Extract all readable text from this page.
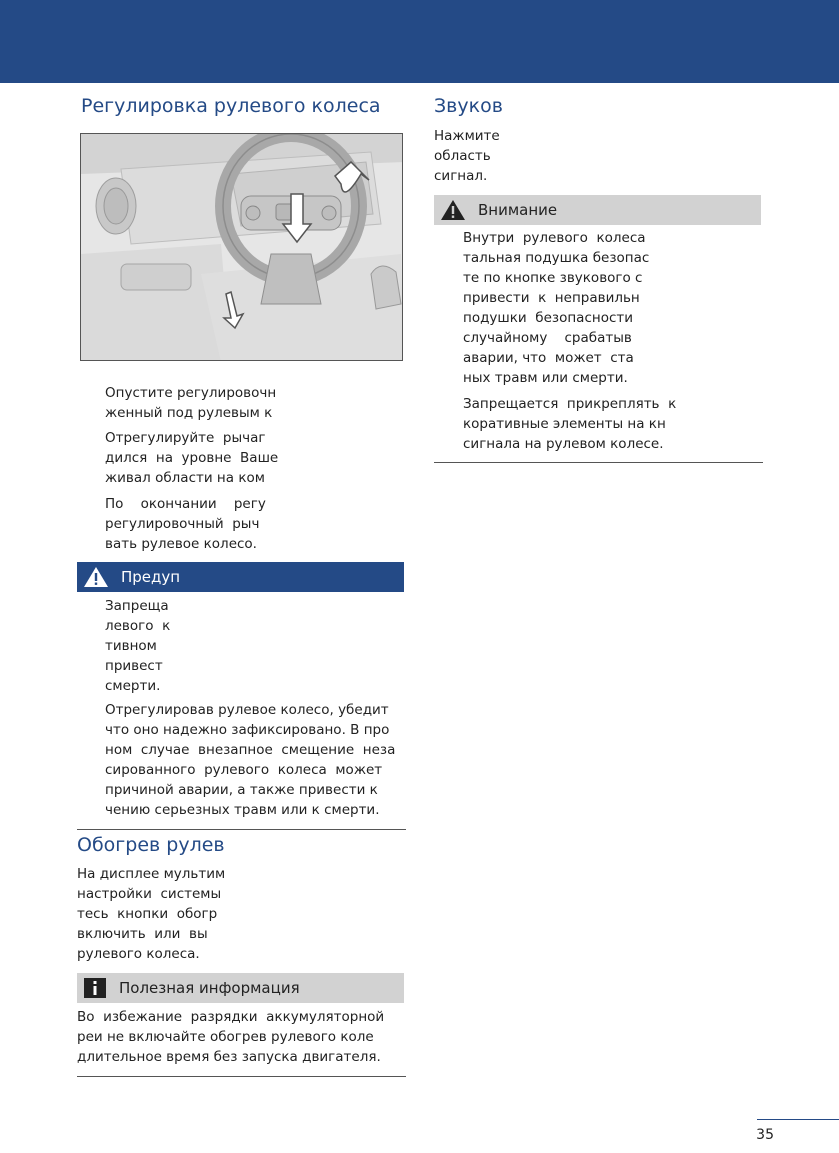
Регулировка рулевого колеса
Опустите регулировочн
женный под рулевым к
Отрегулируйте  рычаг
дился  на  уровне  Ваше
живал области на ком
По    окончании    регу
регулировочный  рыч
вать рулевое колесо.
Предуп
Запреща
левого  к
тивном
привест
смерти.
Отрегулировав рулевое колесо, убедит
что оно надежно зафиксировано. В про
ном  случае  внезапное  смещение  неза
сированного  рулевого  колеса  может
причиной аварии, а также привести к
чению серьезных травм или к смерти.
Обогрев рулев
На дисплее мультим
настройки  системы
тесь  кнопки  обогр
включить  или  вы
рулевого колеса.
Полезная информация
Во  избежание  разрядки  аккумуляторной
реи не включайте обогрев рулевого коле
длительное время без запуска двигателя.
Звуков
Нажмите
область
сигнал.
Внимание
Внутри  рулевого  колеса
тальная подушка безопас
те по кнопке звукового с
привести  к  неправильн
подушки  безопасности
случайному    срабатыв
аварии, что  может  ста
ных травм или смерти.
Запрещается  прикреплять  к
коративные элементы на кн
сигнала на рулевом колесе.
35
